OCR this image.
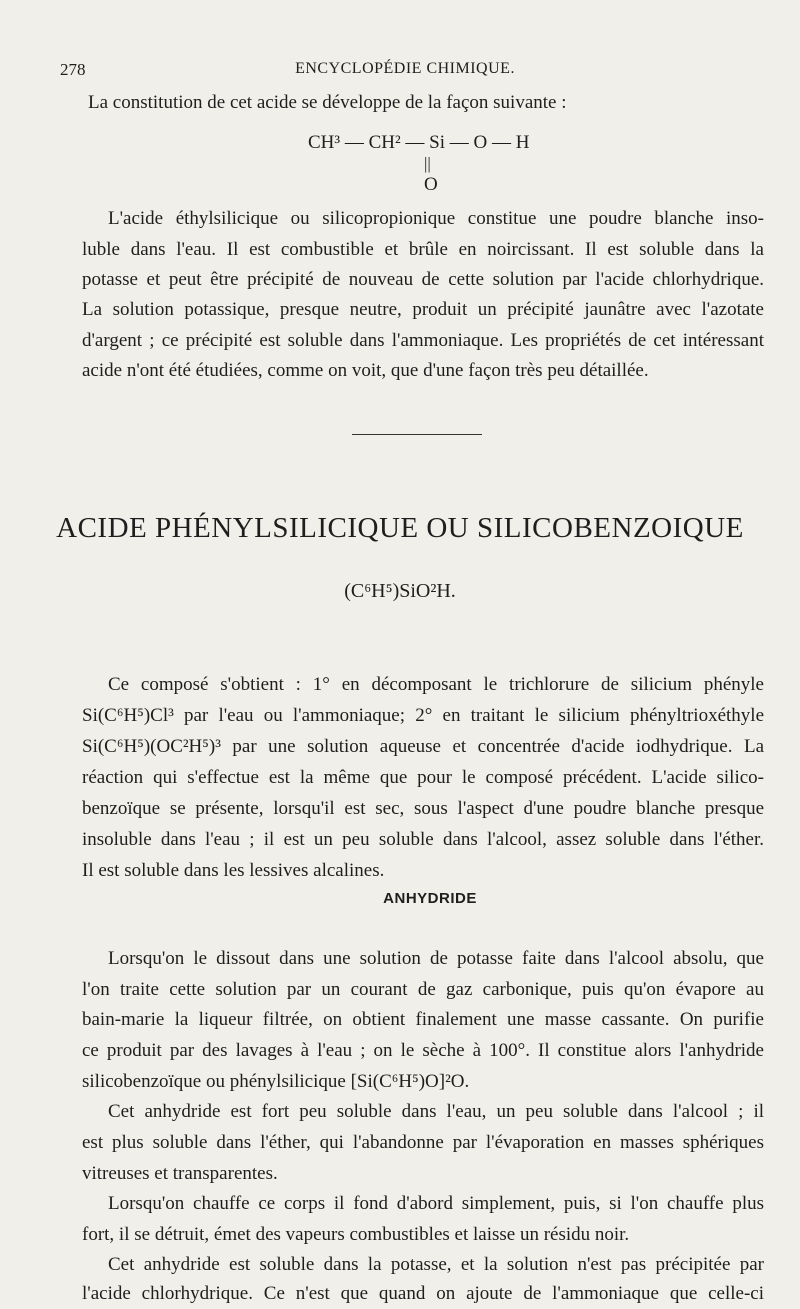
278	ENCYCLOPÉDIE CHIMIQUE.
La constitution de cet acide se développe de la façon suivante :
CH³ — CH² — Si — O — H
||
O
L'acide éthylsilicique ou silicopropionique constitue une poudre blanche inso-
luble dans l'eau. Il est combustible et brûle en noircissant. Il est soluble dans la
potasse et peut être précipité de nouveau de cette solution par l'acide chlorhydrique.
La solution potassique, presque neutre, produit un précipité jaunâtre avec l'azotate
d'argent ; ce précipité est soluble dans l'ammoniaque. Les propriétés de cet intéressant
acide n'ont été étudiées, comme on voit, que d'une façon très peu détaillée.
ACIDE PHÉNYLSILICIQUE OU SILICOBENZOIQUE
(C⁶H⁵)SiO²H.
Ce composé s'obtient : 1° en décomposant le trichlorure de silicium phényle
Si(C⁶H⁵)Cl³ par l'eau ou l'ammoniaque; 2° en traitant le silicium phényltrioxéthyle
Si(C⁶H⁵)(OC²H⁵)³ par une solution aqueuse et concentrée d'acide iodhydrique. La
réaction qui s'effectue est la même que pour le composé précédent. L'acide silico-
benzoïque se présente, lorsqu'il est sec, sous l'aspect d'une poudre blanche presque
insoluble dans l'eau ; il est un peu soluble dans l'alcool, assez soluble dans l'éther.
Il est soluble dans les lessives alcalines.
ANHYDRIDE
Lorsqu'on le dissout dans une solution de potasse faite dans l'alcool absolu, que
l'on traite cette solution par un courant de gaz carbonique, puis qu'on évapore au
bain-marie la liqueur filtrée, on obtient finalement une masse cassante. On purifie
ce produit par des lavages à l'eau ; on le sèche à 100°. Il constitue alors l'anhydride
silicobenzoïque ou phénylsilicique [Si(C⁶H⁵)O]²O.
Cet anhydride est fort peu soluble dans l'eau, un peu soluble dans l'alcool ; il
est plus soluble dans l'éther, qui l'abandonne par l'évaporation en masses sphériques
vitreuses et transparentes.
Lorsqu'on chauffe ce corps il fond d'abord simplement, puis, si l'on chauffe plus
fort, il se détruit, émet des vapeurs combustibles et laisse un résidu noir.
Cet anhydride est soluble dans la potasse, et la solution n'est pas précipitée par
l'acide chlorhydrique. Ce n'est que quand on ajoute de l'ammoniaque que celle-ci
